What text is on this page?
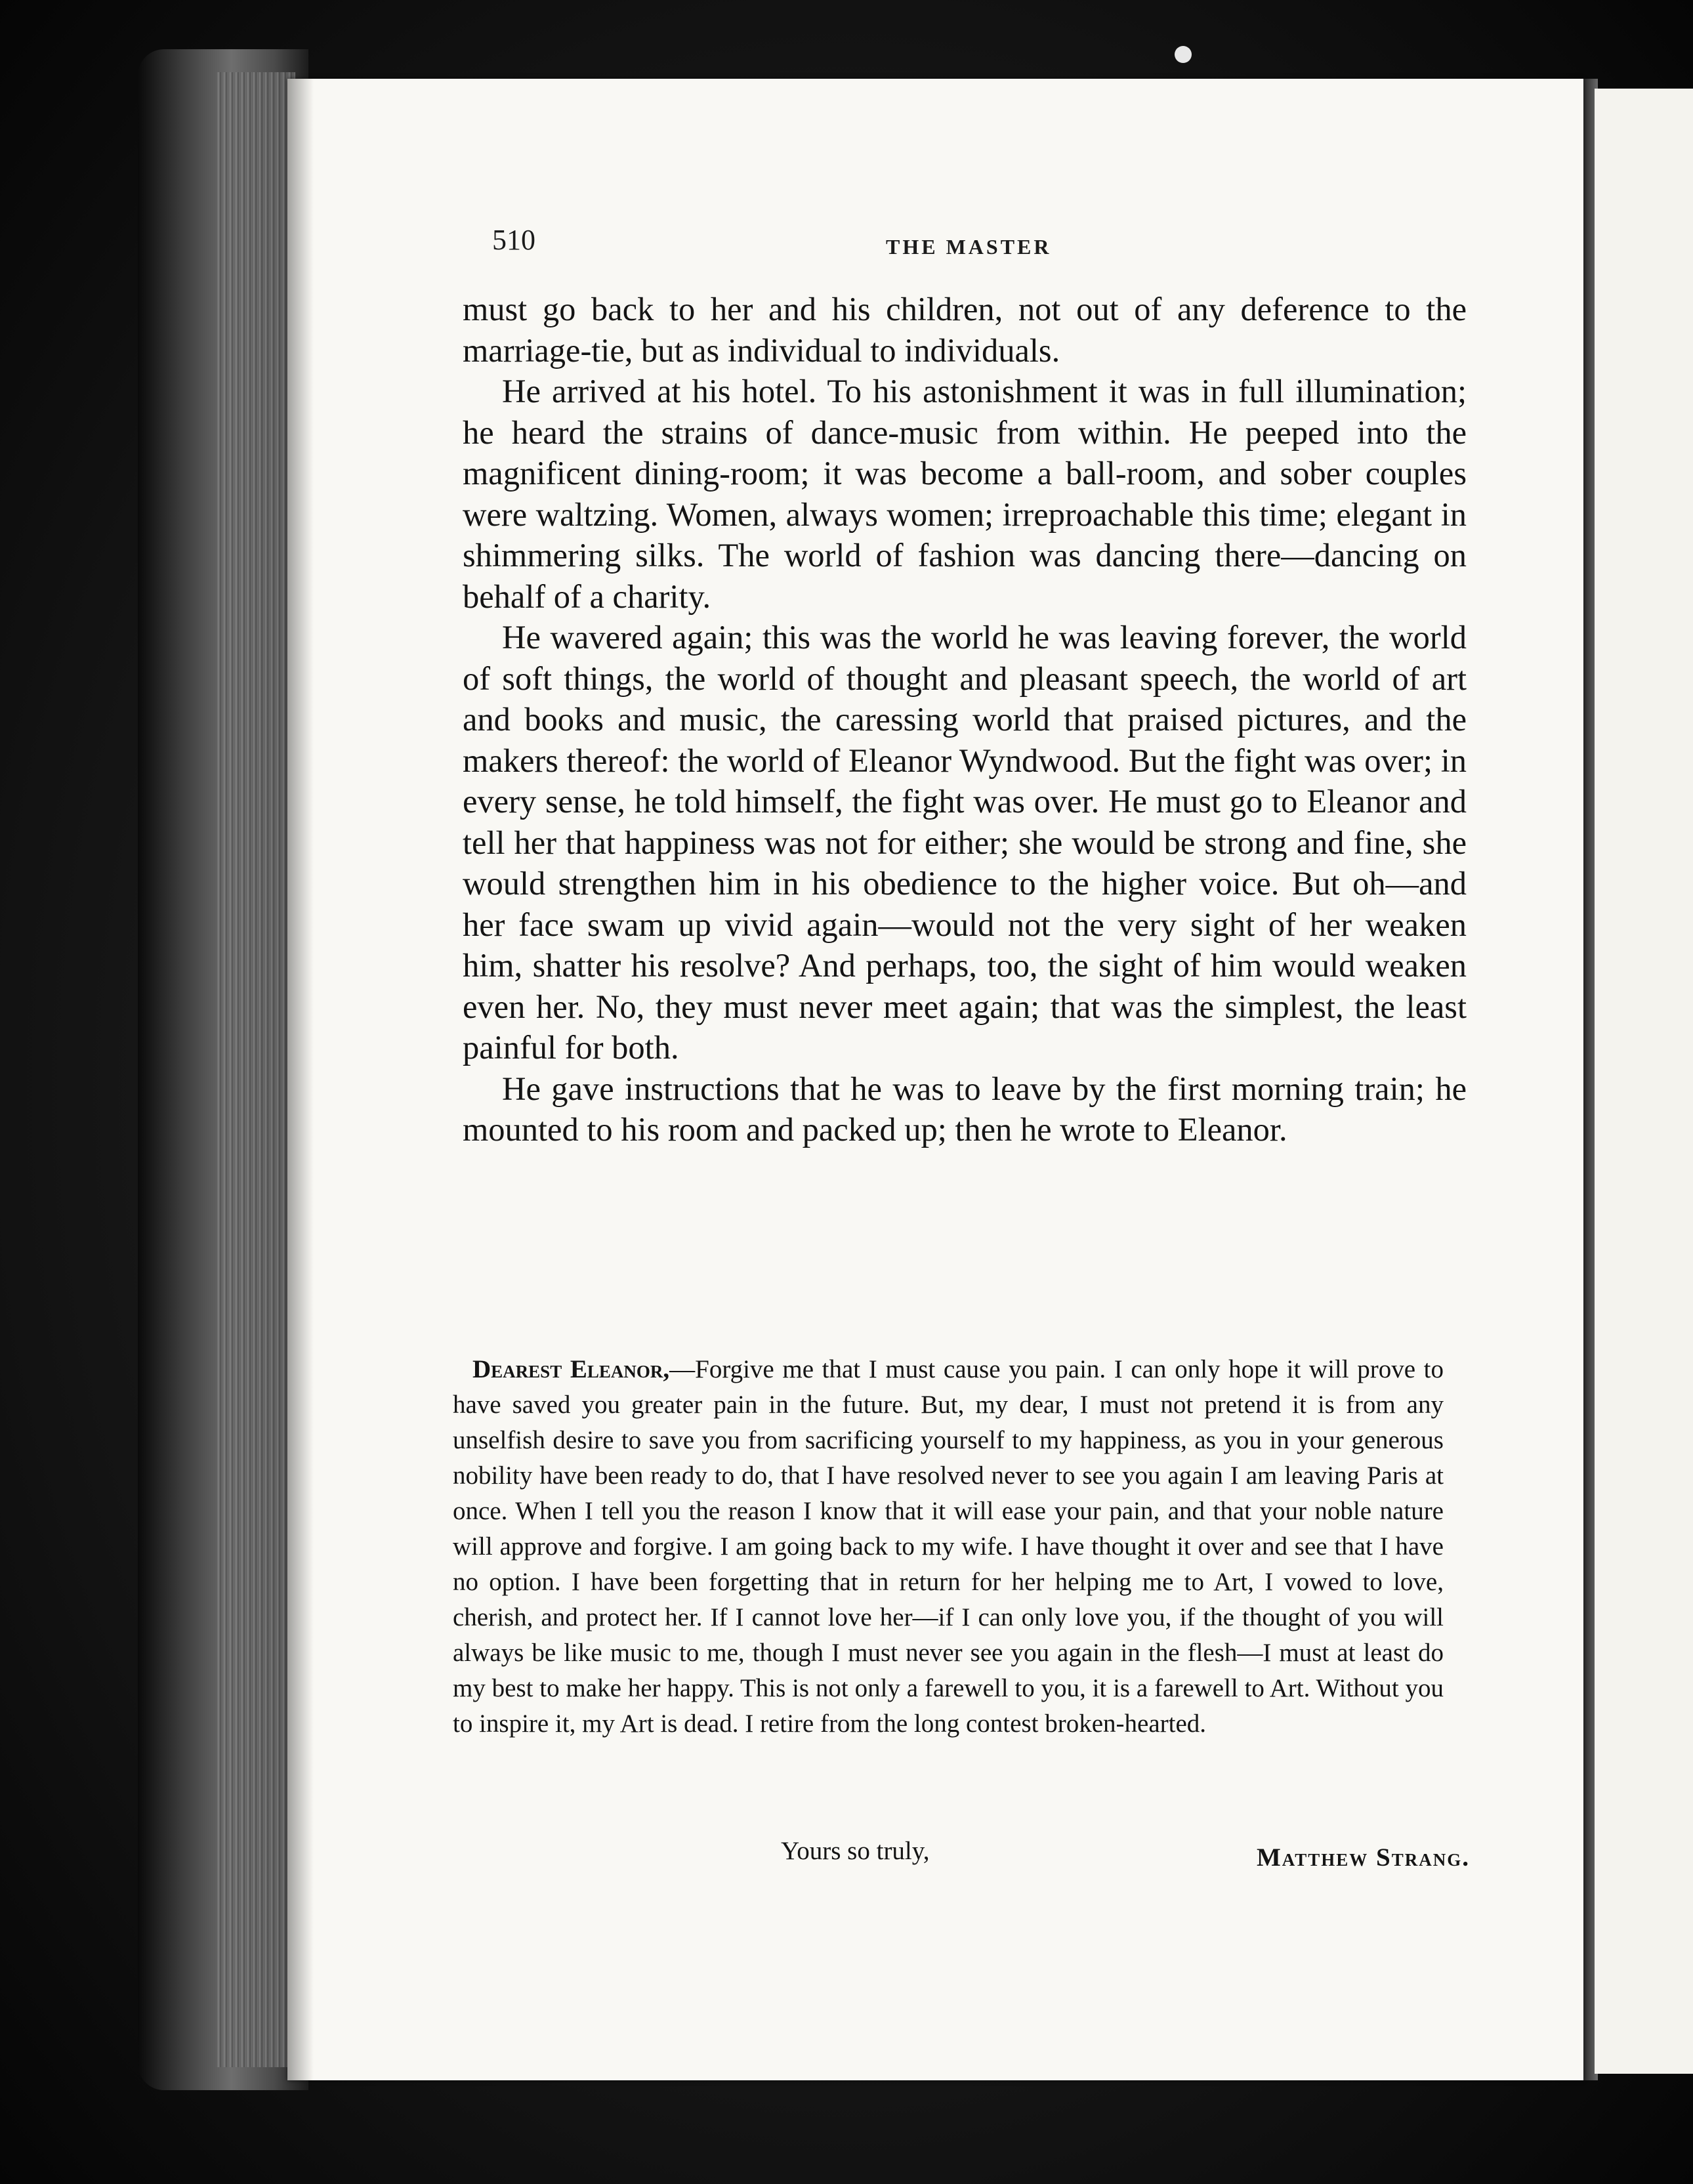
510	THE MASTER

must go back to her and his children, not out of any deference to the marriage-tie, but as individual to individuals.

He arrived at his hotel. To his astonishment it was in full illumination; he heard the strains of dance-music from within. He peeped into the magnificent dining-room; it was become a ball-room, and sober couples were waltzing. Women, always women; irreproachable this time; elegant in shimmering silks. The world of fashion was dancing there—dancing on behalf of a charity.

He wavered again; this was the world he was leaving forever, the world of soft things, the world of thought and pleasant speech, the world of art and books and music, the caressing world that praised pictures, and the makers thereof: the world of Eleanor Wyndwood. But the fight was over; in every sense, he told himself, the fight was over. He must go to Eleanor and tell her that happiness was not for either; she would be strong and fine, she would strengthen him in his obedience to the higher voice. But oh—and her face swam up vivid again—would not the very sight of her weaken him, shatter his resolve? And perhaps, too, the sight of him would weaken even her. No, they must never meet again; that was the simplest, the least painful for both.

He gave instructions that he was to leave by the first morning train; he mounted to his room and packed up; then he wrote to Eleanor.

Dearest Eleanor,—Forgive me that I must cause you pain. I can only hope it will prove to have saved you greater pain in the future. But, my dear, I must not pretend it is from any unselfish desire to save you from sacrificing yourself to my happiness, as you in your generous nobility have been ready to do, that I have resolved never to see you again I am leaving Paris at once. When I tell you the reason I know that it will ease your pain, and that your noble nature will approve and forgive. I am going back to my wife. I have thought it over and see that I have no option. I have been forgetting that in return for her helping me to Art, I vowed to love, cherish, and protect her. If I cannot love her—if I can only love you, if the thought of you will always be like music to me, though I must never see you again in the flesh—I must at least do my best to make her happy. This is not only a farewell to you, it is a farewell to Art. Without you to inspire it, my Art is dead. I retire from the long contest broken-hearted.

Yours so truly,	Matthew Strang.
